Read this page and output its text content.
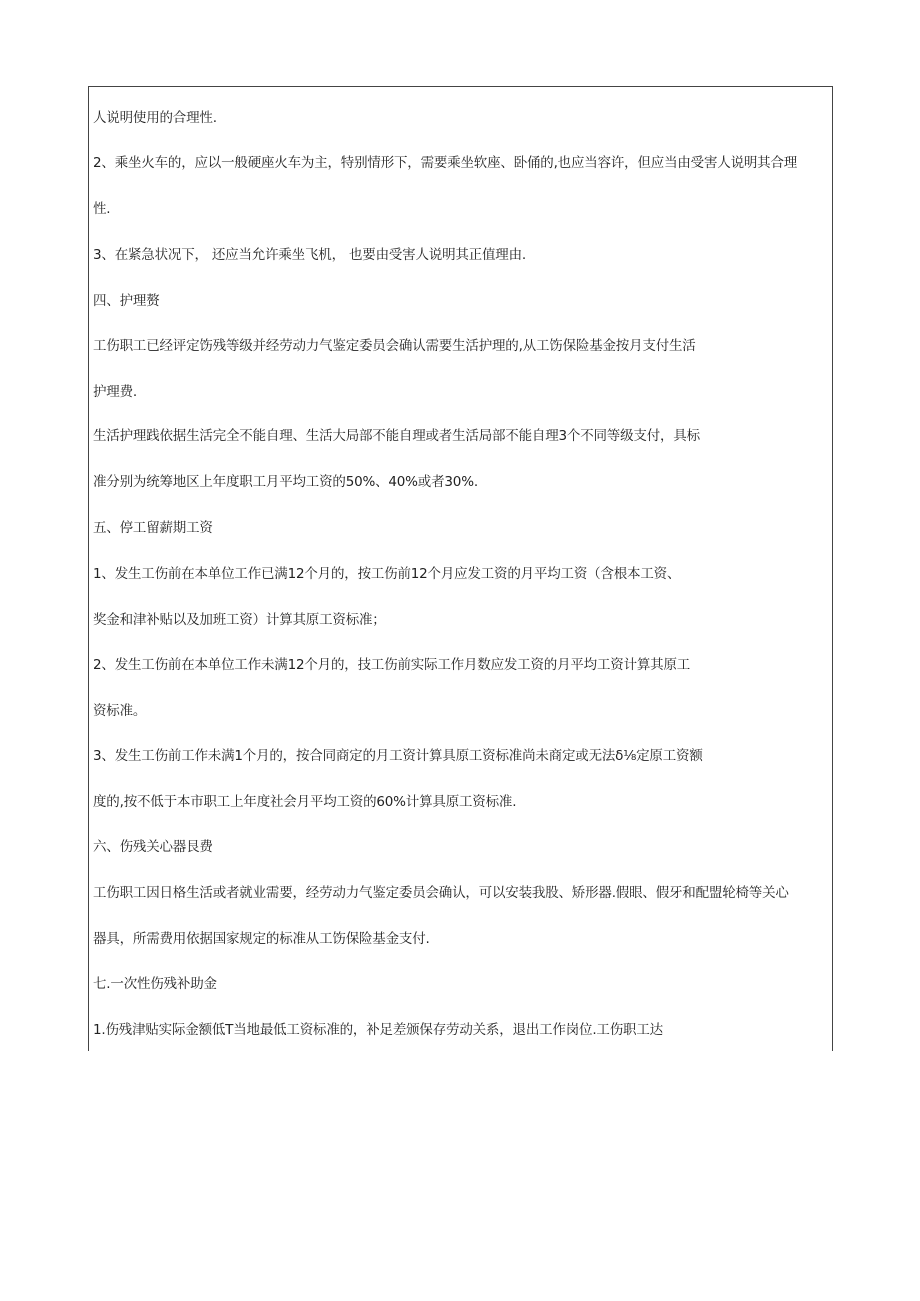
人说明使用的合理性.
2、乘坐火车的，应以一般硬座火车为主，特别情形下，需要乘坐软座、卧俑的,也应当容许，但应当由受害人说明其合理
性.
3、在紧急状况下， 还应当允许乘坐飞机， 也要由受害人说明其正值理由.
四、护理赘
工伤职工已经评定饬残等级并经劳动力气鉴定委员会确认需要生活护理的,从工饬保险基金按月支付生活
护理费.
生活护理践依据生活完全不能自理、生活大局部不能自理或者生活局部不能自理3个不同等级支付，具标
准分别为统筹地区上年度职工月平均工资的50%、40%或者30%.
五、停工留薪期工资
1、发生工伤前在本单位工作已满12个月的，按工伤前12个月应发工资的月平均工资（含根本工资、
奖金和津补贴以及加班工资）计算其原工资标准；
2、发生工伤前在本单位工作未满12个月的，技工伤前实际工作月数应发工资的月平均工资计算其原工
资标准。
3、发生工伤前工作未满1个月的，按合同商定的月工资计算具原工资标准尚未商定或无法δ⅛定原工资额
度的,按不低于本市职工上年度社会月平均工资的60%计算具原工资标准.
六、伤残关心器艮费
工伤职工因日格生活或者就业需要，经劳动力气鉴定委员会确认，可以安装我股、矫形器.假眼、假牙和配盟轮椅等关心
器具，所需费用依据国家规定的标准从工饬保险基金支付.
七.一次性伤残补助金
1.伤残津贴实际金额低T当地最低工资标准的，补足差颁保存劳动关系，退出工作岗位.工伤职工达
